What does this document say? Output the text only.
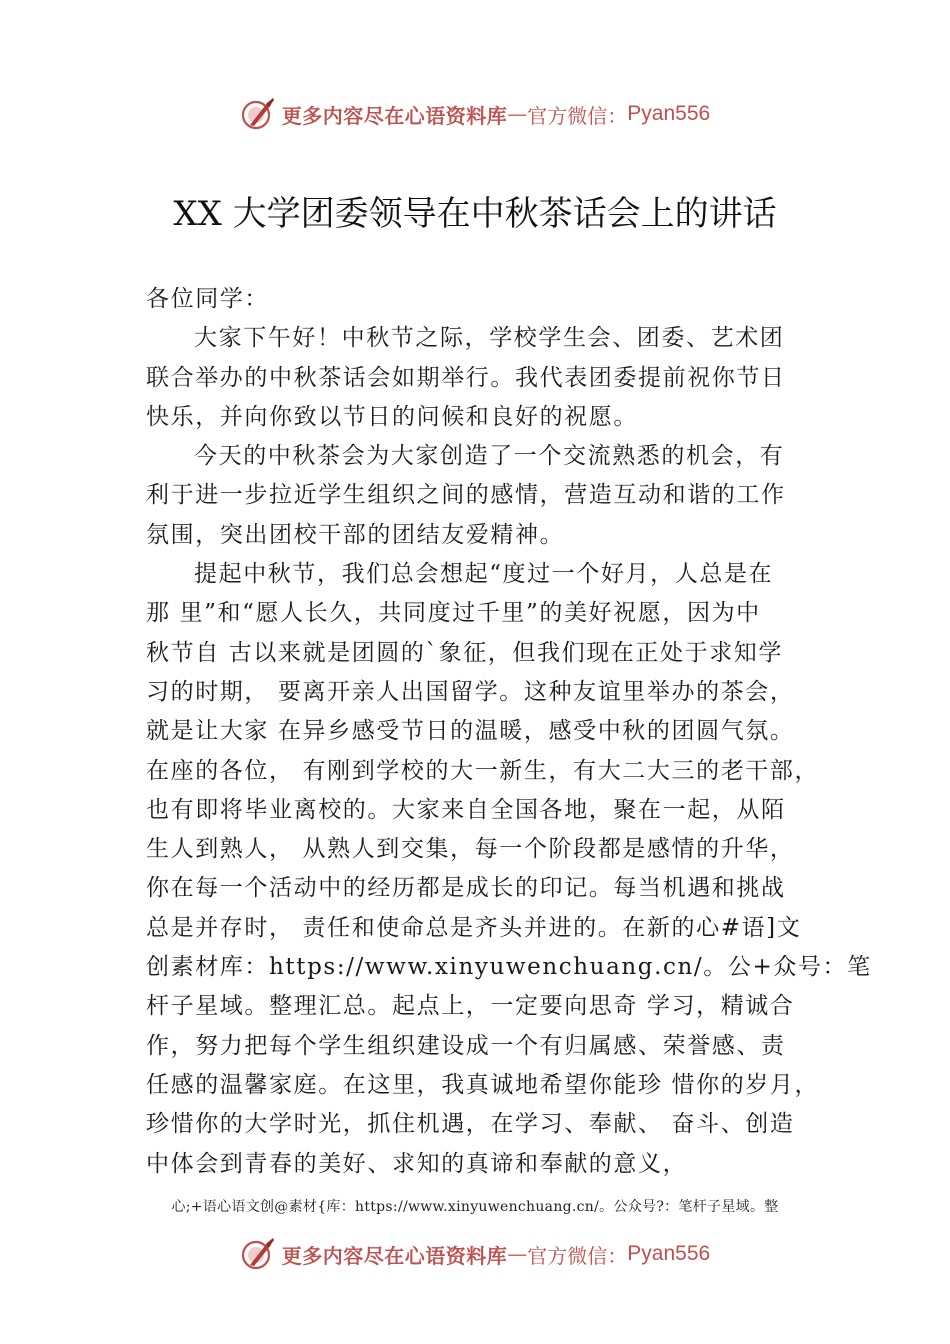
更多内容尽在心语资料库 — 官方微信： Pyan556
XX 大学团委领导在中秋茶话会上的讲话
各位同学：
大家下午好！中秋节之际，学校学生会、团委、艺术团
联合举办的中秋茶话会如期举行。我代表团委提前祝你节日
快乐，并向你致以节日的问候和良好的祝愿。
今天的中秋茶会为大家创造了一个交流熟悉的机会，有
利于进一步拉近学生组织之间的感情，营造互动和谐的工作
氛围，突出团校干部的团结友爱精神。
提起中秋节，我们总会想起“度过一个好月，人总是在
那 里”和“愿人长久，共同度过千里”的美好祝愿，因为中
秋节自 古以来就是团圆的`象征，但我们现在正处于求知学
习的时期， 要离开亲人出国留学。这种友谊里举办的茶会，
就是让大家 在异乡感受节日的温暖，感受中秋的团圆气氛。
在座的各位， 有刚到学校的大一新生，有大二大三的老干部，
也有即将毕业离校的。大家来自全国各地，聚在一起，从陌
生人到熟人， 从熟人到交集，每一个阶段都是感情的升华，
你在每一个活动中的经历都是成长的印记。每当机遇和挑战
总是并存时， 责任和使命总是齐头并进的。在新的心#语]文
创素材库：https://www.xinyuwenchuang.cn/。公+众号：笔
杆子星域。整理汇总。起点上，一定要向思奇 学习，精诚合
作，努力把每个学生组织建设成一个有归属感、荣誉感、责
任感的温馨家庭。在这里，我真诚地希望你能珍 惜你的岁月，
珍惜你的大学时光，抓住机遇，在学习、奉献、 奋斗、创造
中体会到青春的美好、求知的真谛和奉献的意义，
心;+语心语文创@素材{库：https://www.xinyuwenchuang.cn/。公众号?：笔杆子星域。整
更多内容尽在心语资料库 — 官方微信： Pyan556
